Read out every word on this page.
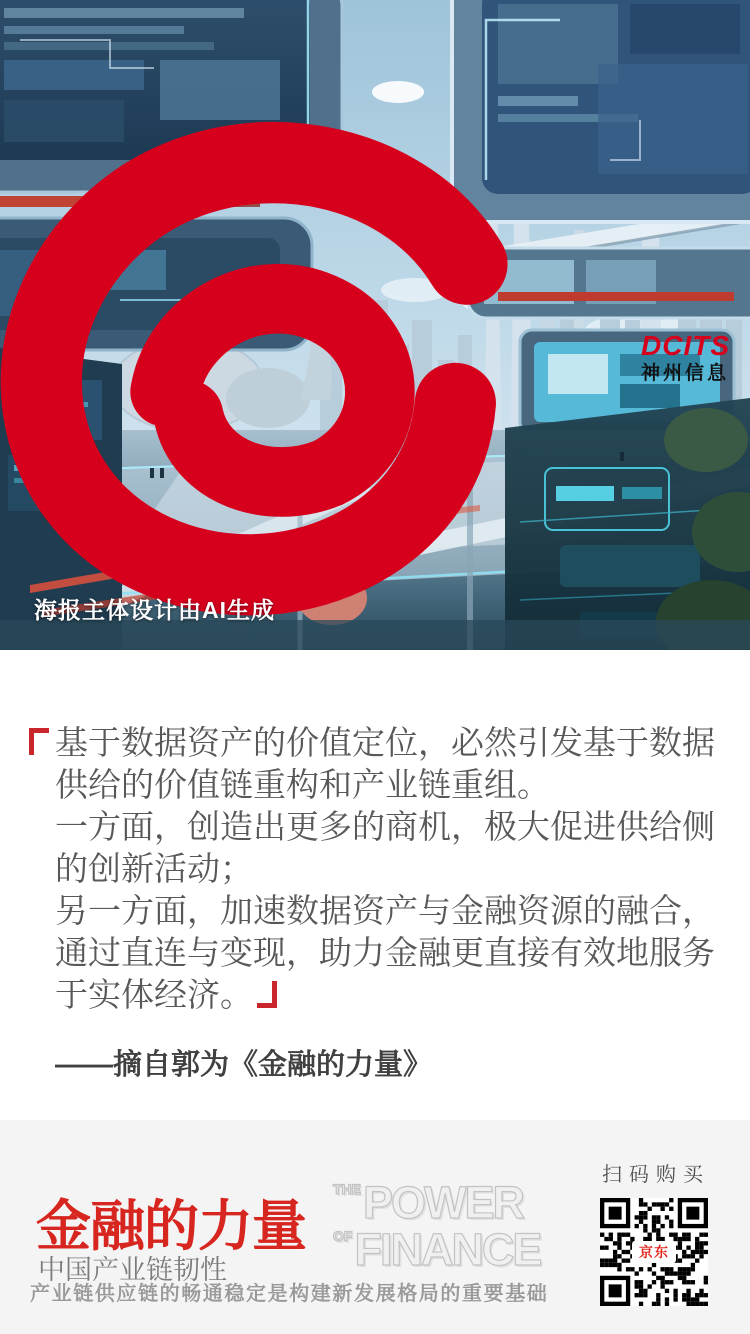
DCITS
神州信息
海报主体设计由AI生成
基于数据资产的价值定位，必然引发基于数据
供给的价值链重构和产业链重组。
一方面，创造出更多的商机，极大促进供给侧
的创新活动；
另一方面，加速数据资产与金融资源的融合，
通过直连与变现，助力金融更直接有效地服务
于实体经济。
——摘自郭为《金融的力量》
金融的力量
中国产业链韧性
THE POWER
OF FINANCE
产业链供应链的畅通稳定是构建新发展格局的重要基础
扫码购买
京东
